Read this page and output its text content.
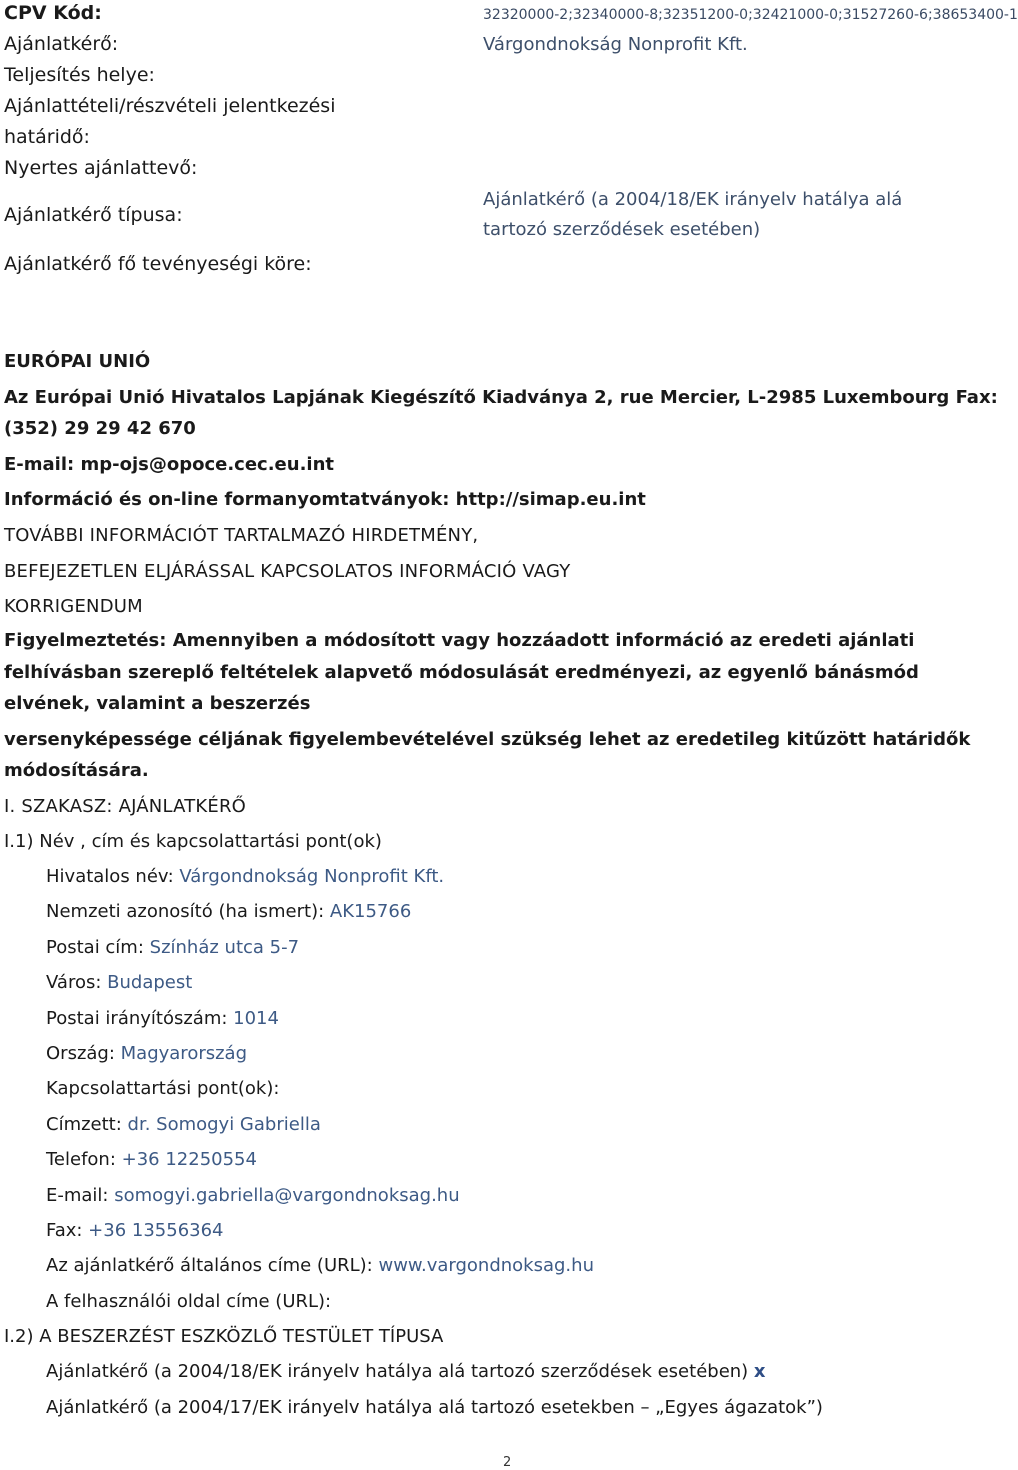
CPV Kód:	32320000-2;32340000-8;32351200-0;32421000-0;31527260-6;38653400-1
Ajánlatkérő:	Várgondnokság Nonprofit Kft.
Teljesítés helye:
Ajánlattételi/részvételi jelentkezési
határidő:
Nyertes ajánlattevő:
Ajánlatkérő típusa:
Ajánlatkérő (a 2004/18/EK irányelv hatálya alá
tartozó szerződések esetében)
Ajánlatkérő fő tevényeségi köre:
EURÓPAI UNIÓ
Az Európai Unió Hivatalos Lapjának Kiegészítő Kiadványa 2, rue Mercier, L-2985 Luxembourg Fax:
(352) 29 29 42 670
E-mail: mp-ojs@opoce.cec.eu.int
Információ és on-line formanyomtatványok: http://simap.eu.int
TOVÁBBI INFORMÁCIÓT TARTALMAZÓ HIRDETMÉNY,
BEFEJEZETLEN ELJÁRÁSSAL KAPCSOLATOS INFORMÁCIÓ VAGY
KORRIGENDUM
Figyelmeztetés: Amennyiben a módosított vagy hozzáadott információ az eredeti ajánlati
felhívásban szereplő feltételek alapvető módosulását eredményezi, az egyenlő bánásmód
elvének, valamint a beszerzés
versenyképessége céljának figyelembevételével szükség lehet az eredetileg kitűzött határidők
módosítására.
I. SZAKASZ: AJÁNLATKÉRŐ
I.1) Név , cím és kapcsolattartási pont(ok)
Hivatalos név: Várgondnokság Nonprofit Kft.
Nemzeti azonosító (ha ismert): AK15766
Postai cím: Színház utca 5-7
Város: Budapest
Postai irányítószám: 1014
Ország: Magyarország
Kapcsolattartási pont(ok):
Címzett: dr. Somogyi Gabriella
Telefon: +36 12250554
E-mail: somogyi.gabriella@vargondnoksag.hu
Fax: +36 13556364
Az ajánlatkérő általános címe (URL): www.vargondnoksag.hu
A felhasználói oldal címe (URL):
I.2) A BESZERZÉST ESZKÖZLŐ TESTÜLET TÍPUSA
Ajánlatkérő (a 2004/18/EK irányelv hatálya alá tartozó szerződések esetében) x
Ajánlatkérő (a 2004/17/EK irányelv hatálya alá tartozó esetekben – „Egyes ágazatok”)
2
